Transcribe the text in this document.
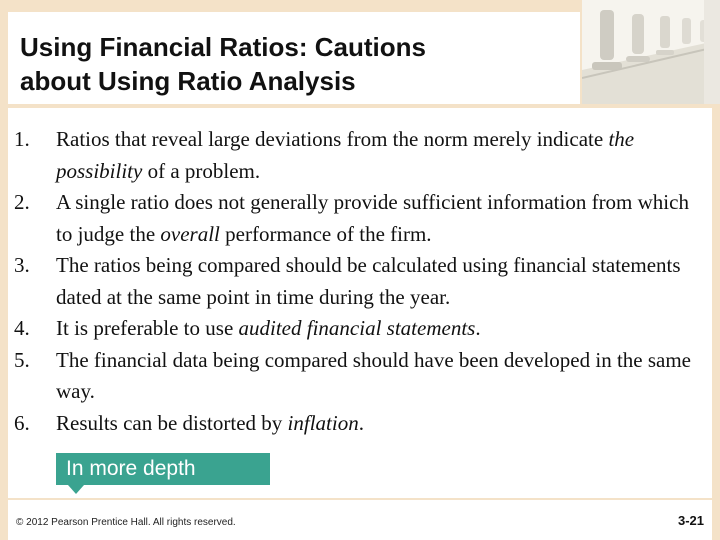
Using Financial Ratios: Cautions
about Using Ratio Analysis
1. Ratios that reveal large deviations from the norm merely indicate the possibility of a problem.
2. A single ratio does not generally provide sufficient information from which to judge the overall performance of the firm.
3. The ratios being compared should be calculated using financial statements dated at the same point in time during the year.
4. It is preferable to use audited financial statements.
5. The financial data being compared should have been developed in the same way.
6. Results can be distorted by inflation.
In more depth
© 2012 Pearson Prentice Hall. All rights reserved.	3-21
